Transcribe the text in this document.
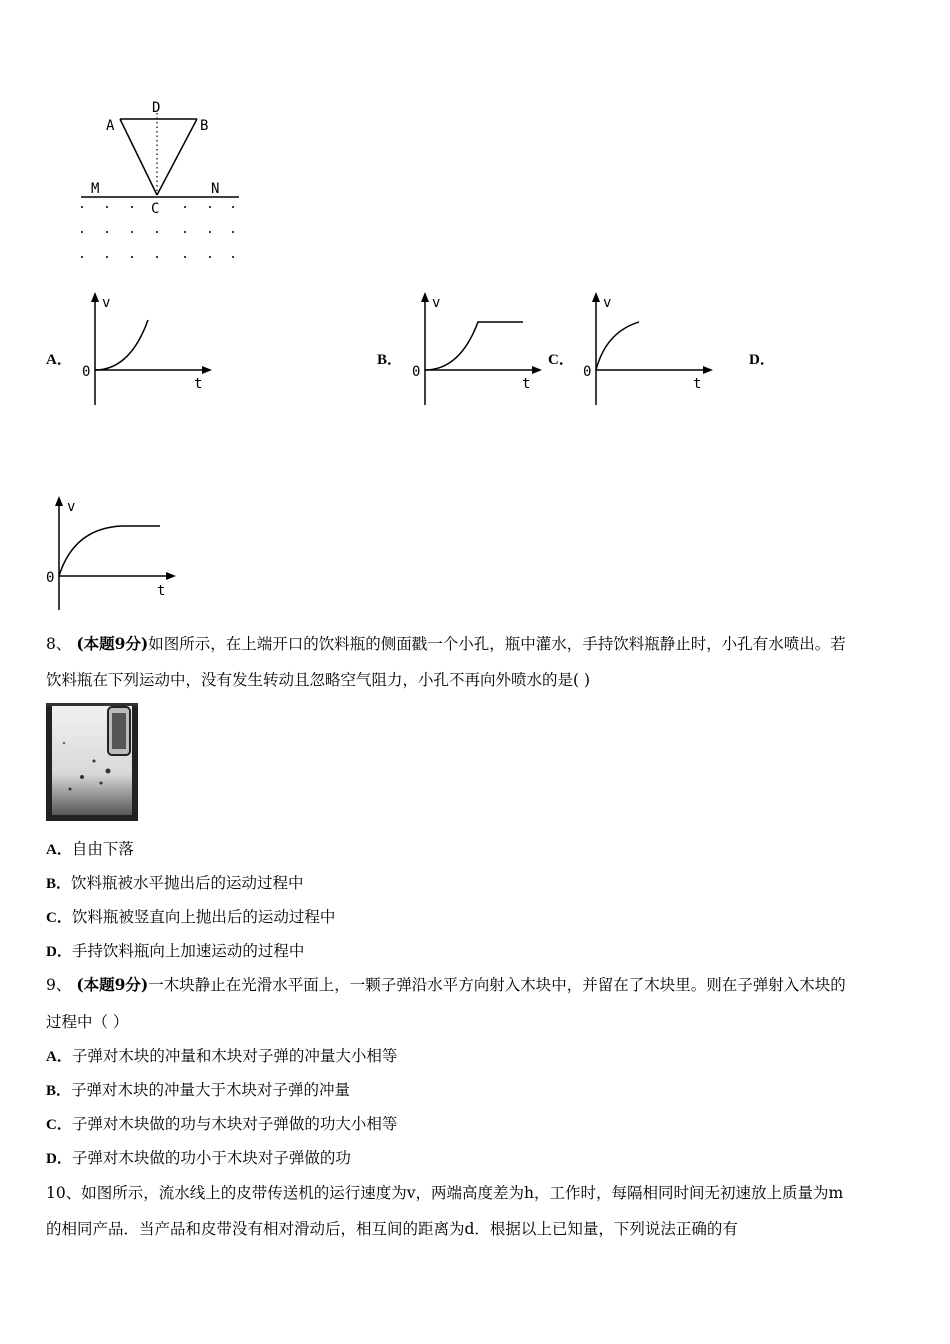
D
A	B
M	N
C
A．	B．	C．	D．
v
0
t
v
0
t
v
0
t
v
0
t
8、 (本题9分)如图所示，在上端开口的饮料瓶的侧面戳一个小孔，瓶中灌水，手持饮料瓶静止时，小孔有水喷出。若
饮料瓶在下列运动中，没有发生转动且忽略空气阻力，小孔不再向外喷水的是( )
A．自由下落
B．饮料瓶被水平抛出后的运动过程中
C．饮料瓶被竖直向上抛出后的运动过程中
D．手持饮料瓶向上加速运动的过程中
9、 (本题9分)一木块静止在光滑水平面上，一颗子弹沿水平方向射入木块中，并留在了木块里。则在子弹射入木块的
过程中（ ）
A．子弹对木块的冲量和木块对子弹的冲量大小相等
B．子弹对木块的冲量大于木块对子弹的冲量
C．子弹对木块做的功与木块对子弹做的功大小相等
D．子弹对木块做的功小于木块对子弹做的功
10、如图所示，流水线上的皮带传送机的运行速度为v，两端高度差为h，工作时，每隔相同时间无初速放上质量为m
的相同产品．当产品和皮带没有相对滑动后，相互间的距离为d．根据以上已知量，下列说法正确的有
